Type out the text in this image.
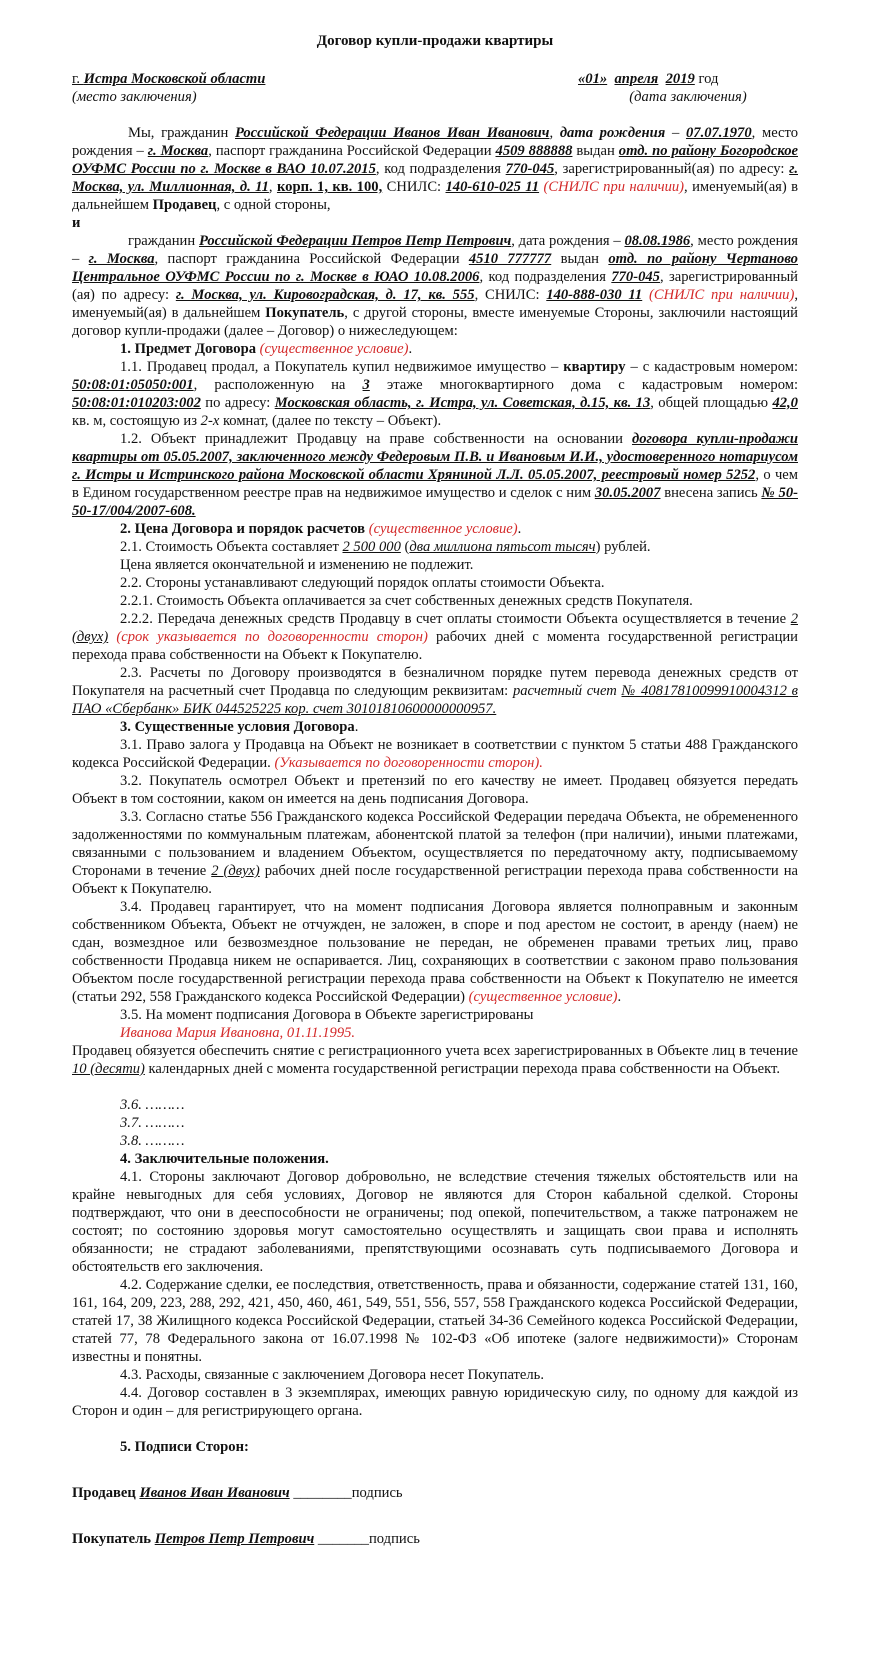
Договор купли-продажи квартиры
г. Истра Московской области	«01» апреля 2019 год
(место заключения)	(дата заключения)

Мы, гражданин Российской Федерации Иванов Иван Иванович, дата рождения – 07.07.1970, место рождения – г. Москва, паспорт гражданина Российской Федерации 4509 888888 выдан отд. по району Богородское ОУФМС России по г. Москве в ВАО 10.07.2015, код подразделения 770-045, зарегистрированный(ая) по адресу: г. Москва, ул. Миллионная, д. 11, корп. 1, кв. 100, СНИЛС: 140-610-025 11 (СНИЛС при наличии), именуемый(ая) в дальнейшем Продавец, с одной стороны,

и

гражданин Российской Федерации Петров Петр Петрович, дата рождения – 08.08.1986, место рождения – г. Москва, паспорт гражданина Российской Федерации 4510 777777 выдан отд. по району Чертаново Центральное ОУФМС России по г. Москве в ЮАО 10.08.2006, код подразделения 770-045, зарегистрированный (ая) по адресу: г. Москва, ул. Кировоградская, д. 17, кв. 555, СНИЛС: 140-888-030 11 (СНИЛС при наличии), именуемый(ая) в дальнейшем Покупатель, с другой стороны, вместе именуемые Стороны, заключили настоящий договор купли-продажи (далее – Договор) о нижеследующем:

1. Предмет Договора (существенное условие).

1.1. Продавец продал, а Покупатель купил недвижимое имущество – квартиру – с кадастровым номером: 50:08:01:05050:001, расположенную на 3 этаже многоквартирного дома с кадастровым номером: 50:08:01:010203:002 по адресу: Московская область, г. Истра, ул. Советская, д.15, кв. 13, общей площадью 42,0 кв. м, состоящую из 2-х комнат, (далее по тексту – Объект).

1.2. Объект принадлежит Продавцу на праве собственности на основании договора купли-продажи квартиры от 05.05.2007, заключенного между Федеровым П.В. и Ивановым И.И., удостоверенного нотариусом г. Истры и Истринского района Московской области Хряниной Л.Л. 05.05.2007, реестровый номер 5252, о чем в Едином государственном реестре прав на недвижимое имущество и сделок с ним 30.05.2007 внесена запись № 50-50-17/004/2007-608.

2. Цена Договора и порядок расчетов (существенное условие).

2.1. Стоимость Объекта составляет 2 500 000 (два миллиона пятьсот тысяч) рублей.

Цена является окончательной и изменению не подлежит.

2.2. Стороны устанавливают следующий порядок оплаты стоимости Объекта.

2.2.1. Стоимость Объекта оплачивается за счет собственных денежных средств Покупателя.

2.2.2. Передача денежных средств Продавцу в счет оплаты стоимости Объекта осуществляется в течение 2 (двух) (срок указывается по договоренности сторон) рабочих дней с момента государственной регистрации перехода права собственности на Объект к Покупателю.

2.3. Расчеты по Договору производятся в безналичном порядке путем перевода денежных средств от Покупателя на расчетный счет Продавца по следующим реквизитам: расчетный счет № 40817810099910004312 в ПАО «Сбербанк» БИК 044525225 кор. счет 30101810600000000957.

3. Существенные условия Договора.

3.1. Право залога у Продавца на Объект не возникает в соответствии с пунктом 5 статьи 488 Гражданского кодекса Российской Федерации. (Указывается по договоренности сторон).

3.2. Покупатель осмотрел Объект и претензий по его качеству не имеет. Продавец обязуется передать Объект в том состоянии, каком он имеется на день подписания Договора.

3.3. Согласно статье 556 Гражданского кодекса Российской Федерации передача Объекта, не обремененного задолженностями по коммунальным платежам, абонентской платой за телефон (при наличии), иными платежами, связанными с пользованием и владением Объектом, осуществляется по передаточному акту, подписываемому Сторонами в течение 2 (двух) рабочих дней после государственной регистрации перехода права собственности на Объект к Покупателю.

3.4. Продавец гарантирует, что на момент подписания Договора является полноправным и законным собственником Объекта, Объект не отчужден, не заложен, в споре и под арестом не состоит, в аренду (наем) не сдан, возмездное или безвозмездное пользование не передан, не обременен правами третьих лиц, право собственности Продавца никем не оспаривается. Лиц, сохраняющих в соответствии с законом право пользования Объектом после государственной регистрации перехода права собственности на Объект к Покупателю не имеется (статьи 292, 558 Гражданского кодекса Российской Федерации) (существенное условие).

3.5. На момент подписания Договора в Объекте зарегистрированы

Иванова Мария Ивановна, 01.11.1995.

Продавец обязуется обеспечить снятие с регистрационного учета всех зарегистрированных в Объекте лиц в течение 10 (десяти) календарных дней с момента государственной регистрации перехода права собственности на Объект.

3.6. ………

3.7. ………

3.8. ………

4. Заключительные положения.

4.1. Стороны заключают Договор добровольно, не вследствие стечения тяжелых обстоятельств или на крайне невыгодных для себя условиях, Договор не являются для Сторон кабальной сделкой. Стороны подтверждают, что они в дееспособности не ограничены; под опекой, попечительством, а также патронажем не состоят; по состоянию здоровья могут самостоятельно осуществлять и защищать свои права и исполнять обязанности; не страдают заболеваниями, препятствующими осознавать суть подписываемого Договора и обстоятельств его заключения.

4.2. Содержание сделки, ее последствия, ответственность, права и обязанности, содержание статей 131, 160, 161, 164, 209, 223, 288, 292, 421, 450, 460, 461, 549, 551, 556, 557, 558 Гражданского кодекса Российской Федерации, статей 17, 38 Жилищного кодекса Российской Федерации, статьей 34-36 Семейного кодекса Российской Федерации, статей 77, 78 Федерального закона от 16.07.1998 № 102-ФЗ «Об ипотеке (залоге недвижимости)» Сторонам известны и понятны.

4.3. Расходы, связанные с заключением Договора несет Покупатель.

4.4. Договор составлен в 3 экземплярах, имеющих равную юридическую силу, по одному для каждой из Сторон и один – для регистрирующего органа.

5. Подписи Сторон:

Продавец Иванов Иван Иванович ________подпись

Покупатель Петров Петр Петрович _______подпись
